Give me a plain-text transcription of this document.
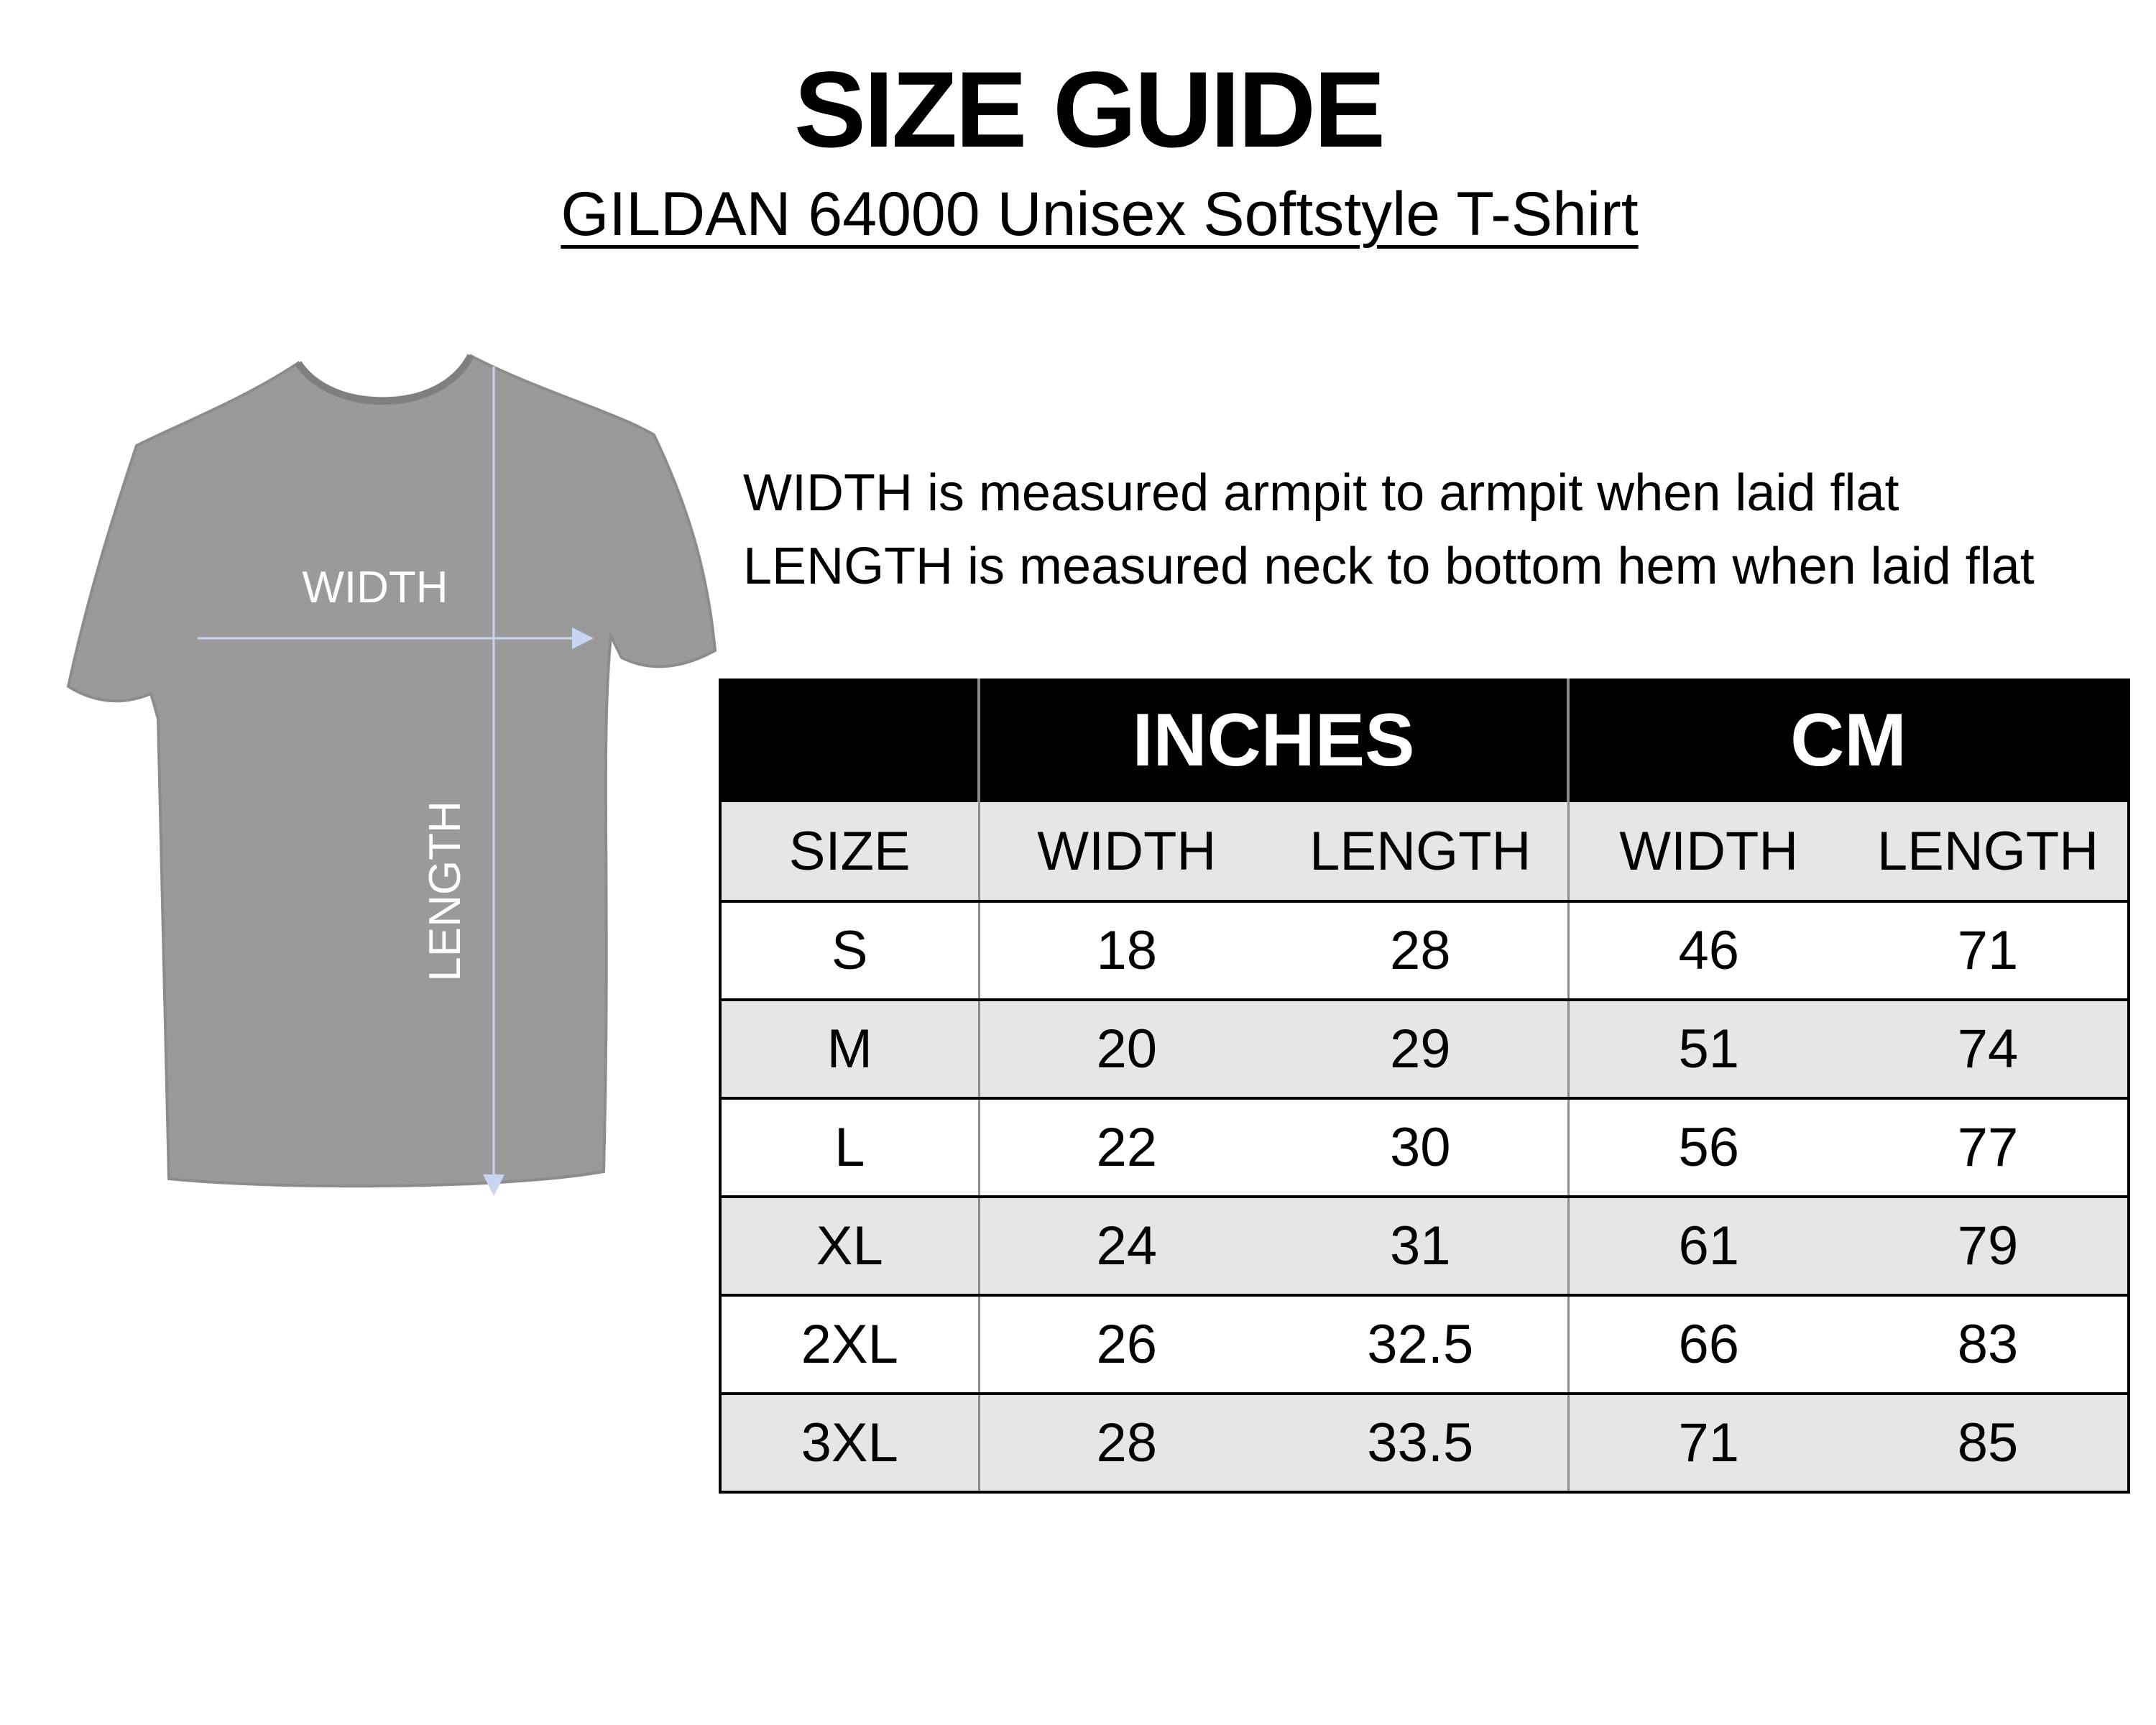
SIZE GUIDE
GILDAN 64000 Unisex Softstyle T-Shirt
WIDTH
LENGTH
WIDTH is measured armpit to armpit when laid flat
LENGTH is measured neck to bottom hem when laid flat
	INCHES		CM	
SIZE	WIDTH	LENGTH	WIDTH	LENGTH
S	18	28	46	71
M	20	29	51	74
L	22	30	56	77
XL	24	31	61	79
2XL	26	32.5	66	83
3XL	28	33.5	71	85
